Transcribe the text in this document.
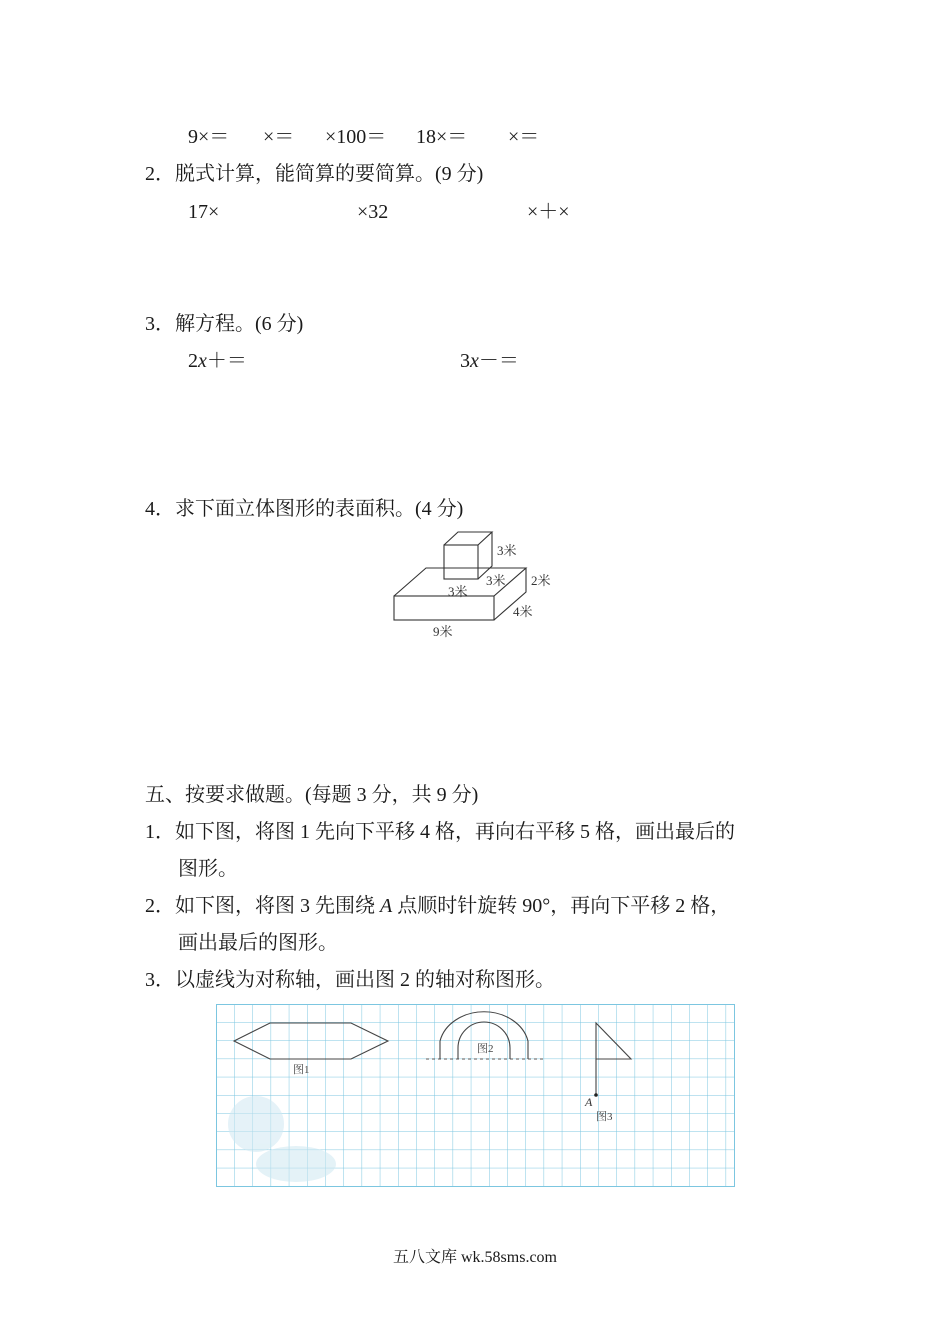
9×＝ ×＝ ×100＝ 18×＝ ×＝
2．脱式计算，能简算的要简算。(9 分)
17×	×32	×＋×
3．解方程。(6 分)
2x＋＝	3x－＝
4．求下面立体图形的表面积。(4 分)
3米
3米
3米
2米
4米
9米
五、按要求做题。(每题 3 分，共 9 分)
1．如下图，将图 1 先向下平移 4 格，再向右平移 5 格，画出最后的
图形。
2．如下图，将图 3 先围绕 A 点顺时针旋转 90°，再向下平移 2 格，
画出最后的图形。
3．以虚线为对称轴，画出图 2 的轴对称图形。
图1
图2
A
图3
五八文库 wk.58sms.com
